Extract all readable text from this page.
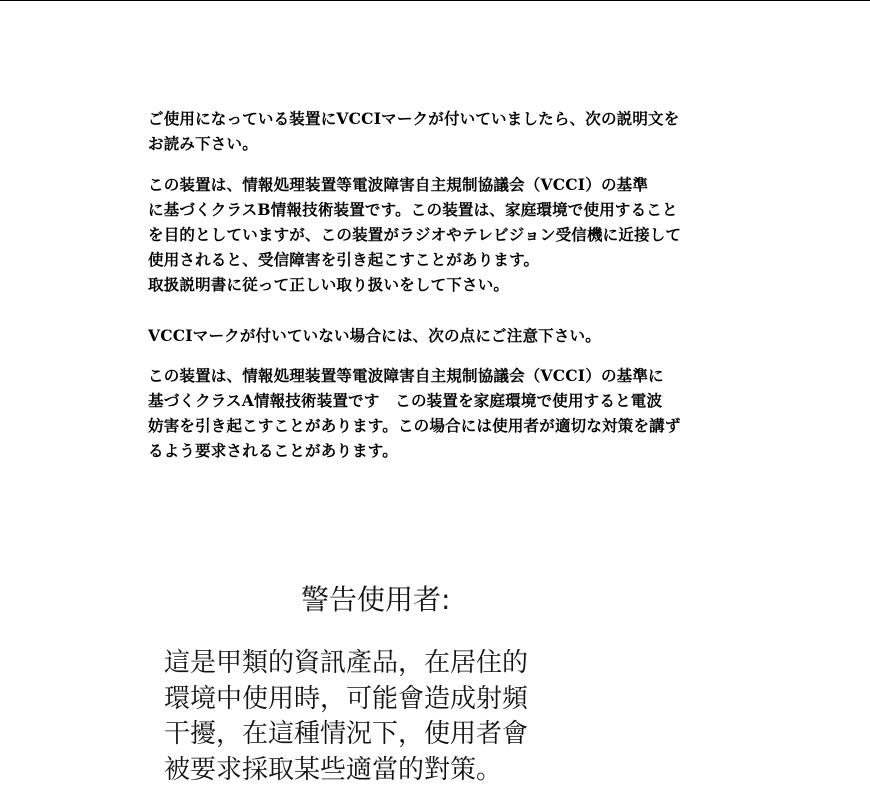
ご使用になっている装置にVCCIマークが付いていましたら、次の説明文を
お読み下さい。
この装置は、情報処理装置等電波障害自主規制協議会（VCCI）の基準
に基づくクラスB情報技術装置です。この装置は、家庭環境で使用すること
を目的としていますが、この装置がラジオやテレビジョン受信機に近接して
使用されると、受信障害を引き起こすことがあります。
取扱説明書に従って正しい取り扱いをして下さい。
VCCIマークが付いていない場合には、次の点にご注意下さい。
この装置は、情報処理装置等電波障害自主規制協議会（VCCI）の基準に
基づくクラスA情報技術装置です　この装置を家庭環境で使用すると電波
妨害を引き起こすことがあります。この場合には使用者が適切な対策を講ず
るよう要求されることがあります。
警告使用者:
這是甲類的資訊產品，在居住的
環境中使用時，可能會造成射頻
干擾，在這種情況下，使用者會
被要求採取某些適當的對策。
